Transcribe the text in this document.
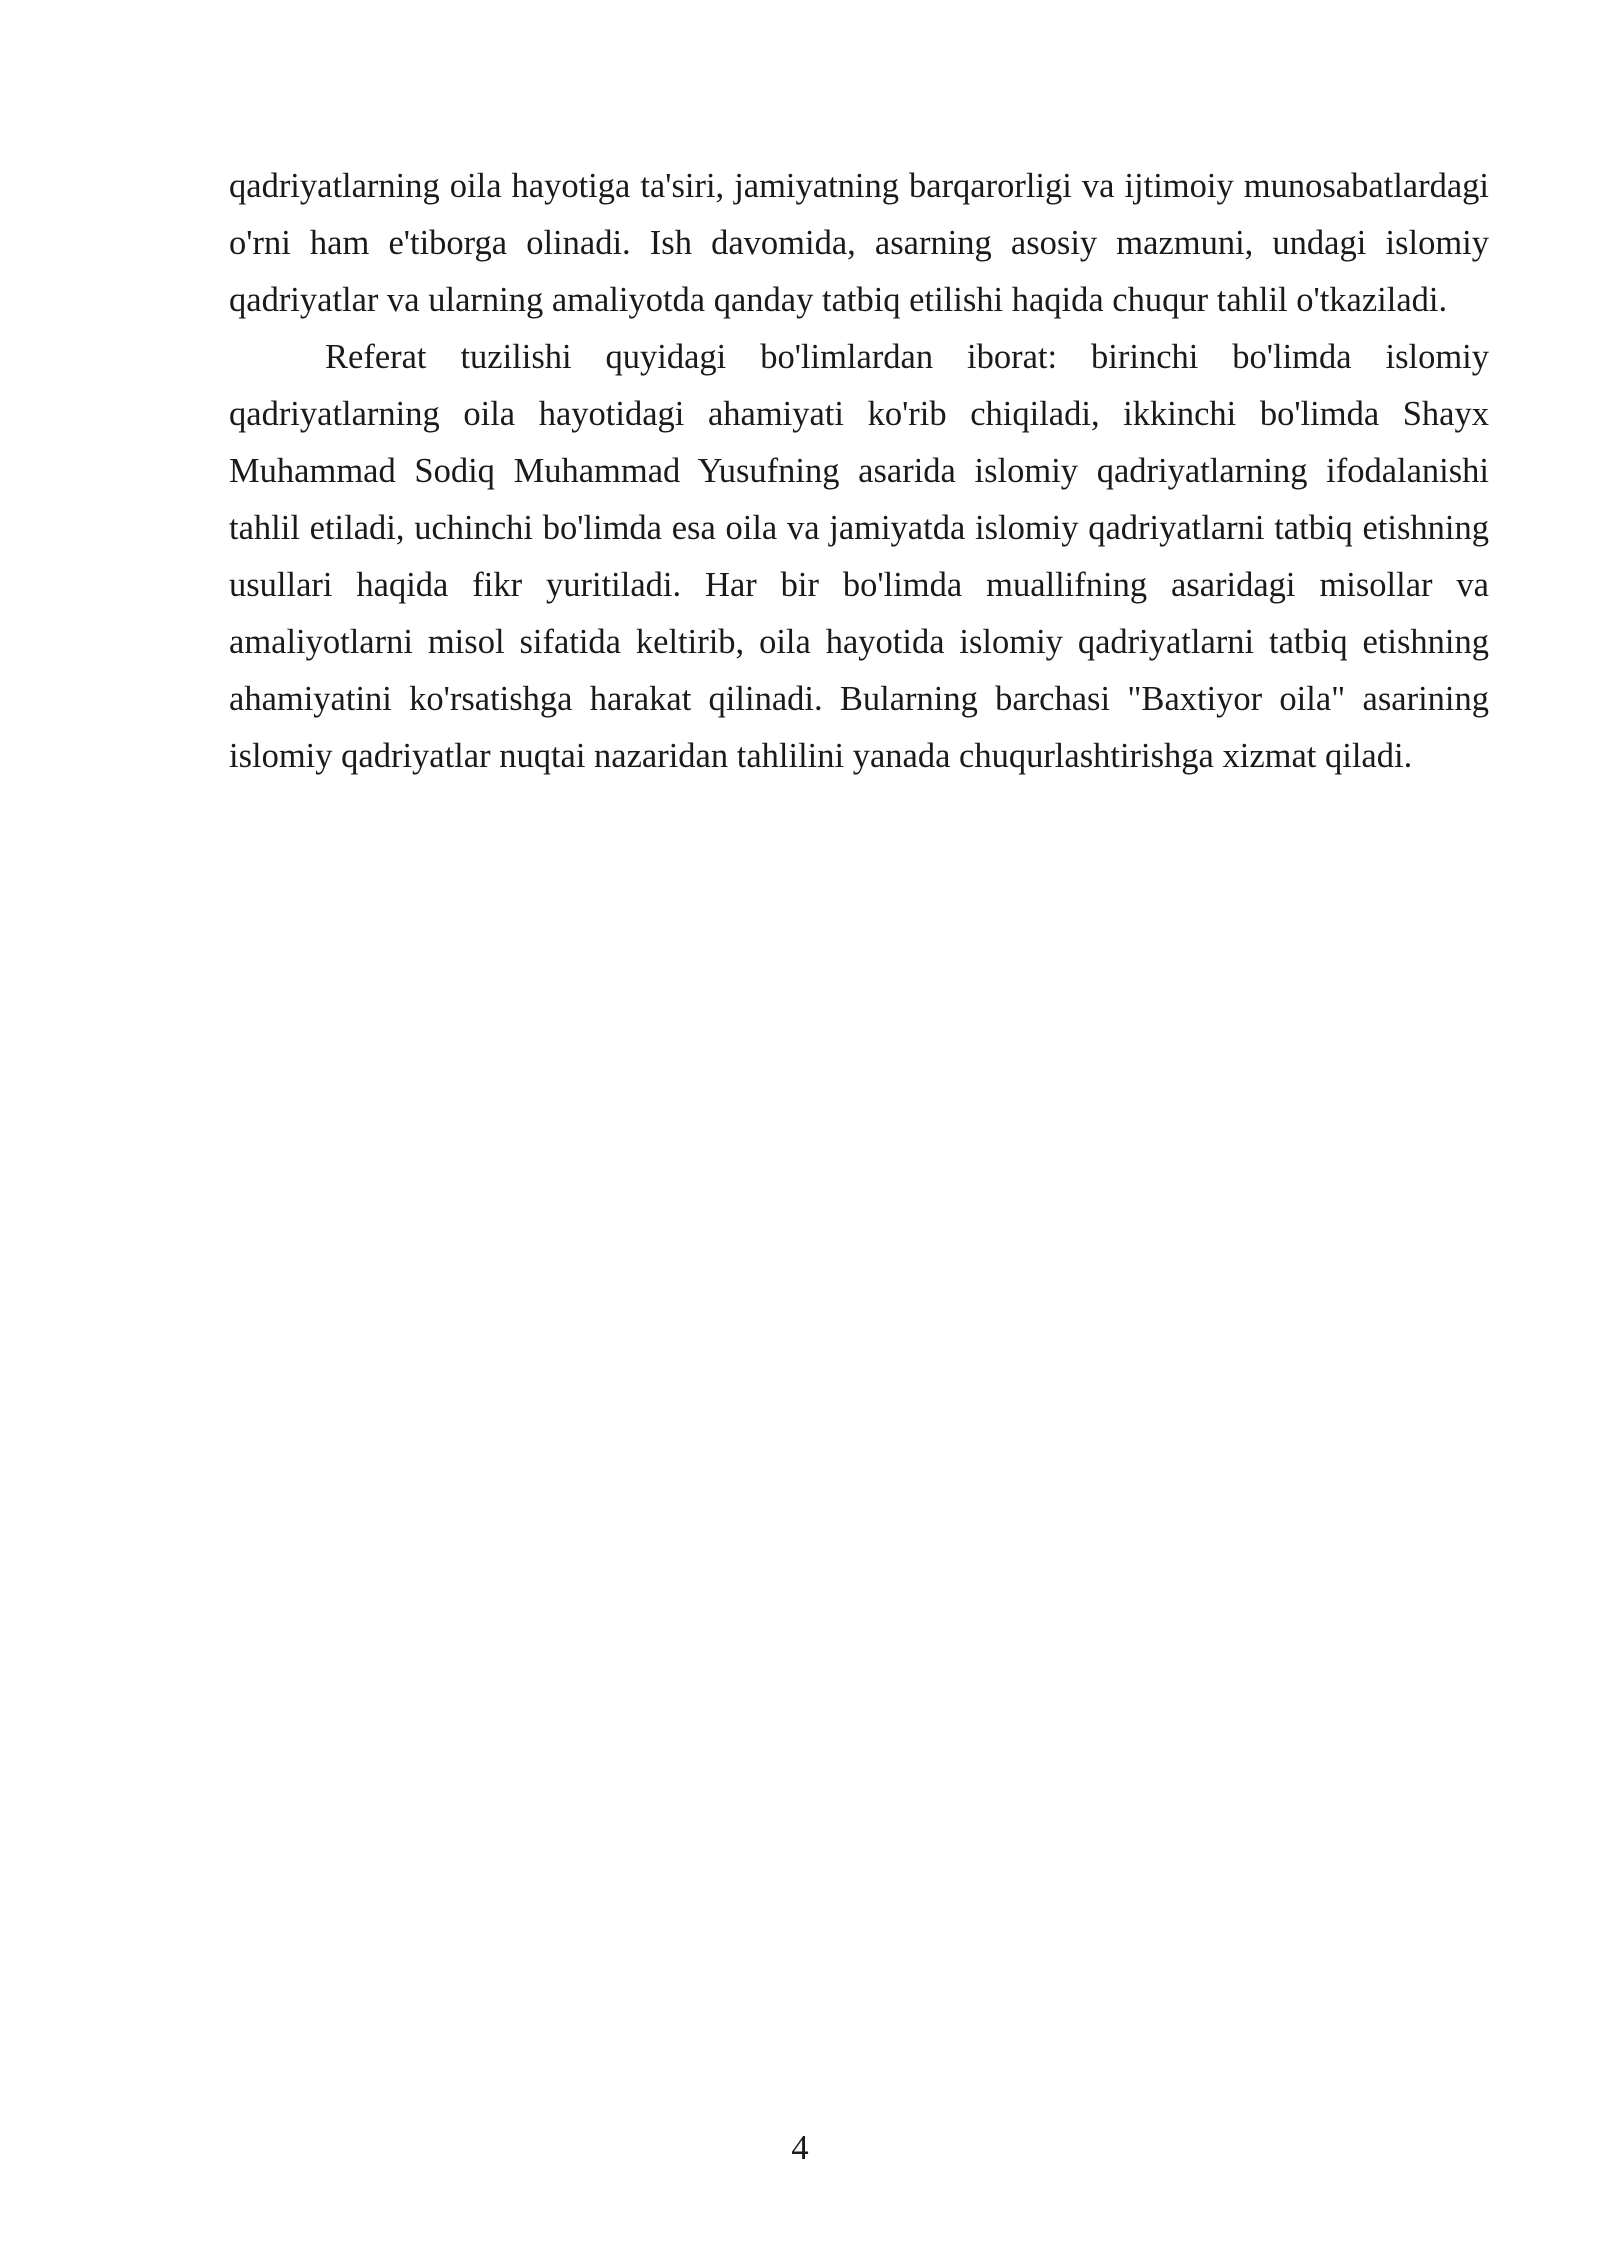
qadriyatlarning oila hayotiga ta'siri, jamiyatning barqarorligi va ijtimoiy munosabatlardagi o'rni ham e'tiborga olinadi. Ish davomida, asarning asosiy mazmuni, undagi islomiy qadriyatlar va ularning amaliyotda qanday tatbiq etilishi haqida chuqur tahlil o'tkaziladi.

Referat tuzilishi quyidagi bo'limlardan iborat: birinchi bo'limda islomiy qadriyatlarning oila hayotidagi ahamiyati ko'rib chiqiladi, ikkinchi bo'limda Shayx Muhammad Sodiq Muhammad Yusufning asarida islomiy qadriyatlarning ifodalanishi tahlil etiladi, uchinchi bo'limda esa oila va jamiyatda islomiy qadriyatlarni tatbiq etishning usullari haqida fikr yuritiladi. Har bir bo'limda muallifning asaridagi misollar va amaliyotlarni misol sifatida keltirib, oila hayotida islomiy qadriyatlarni tatbiq etishning ahamiyatini ko'rsatishga harakat qilinadi. Bularning barchasi "Baxtiyor oila" asarining islomiy qadriyatlar nuqtai nazaridan tahlilini yanada chuqurlashtirishga xizmat qiladi.

4
